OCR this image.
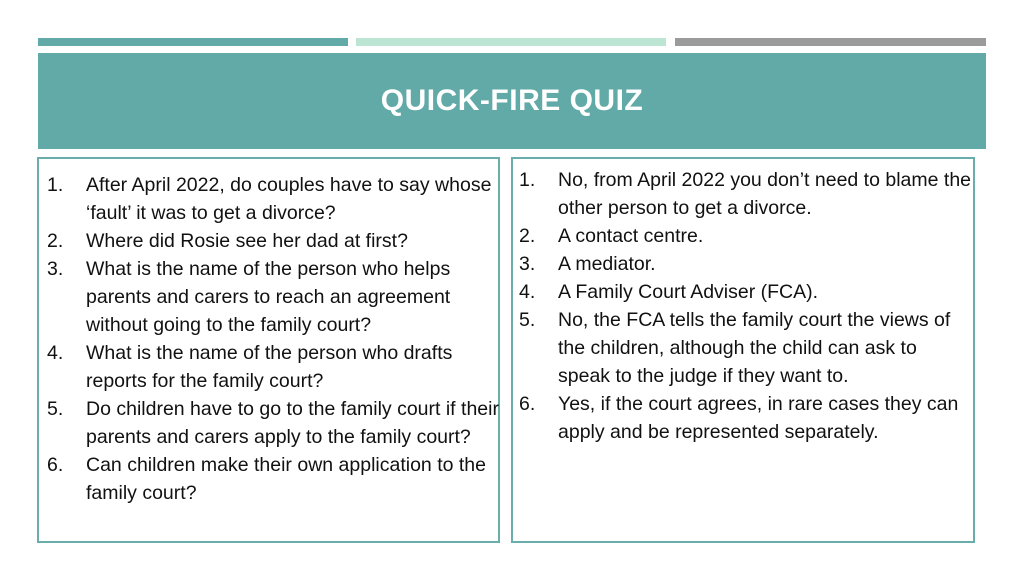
QUICK-FIRE QUIZ
1.	After April 2022, do couples have to say whose ‘fault’ it was to get a divorce?
2.	Where did Rosie see her dad at first?
3.	What is the name of the person who helps parents and carers to reach an agreement without going to the family court?
4.	What is the name of the person who drafts reports for the family court?
5.	Do children have to go to the family court if their parents and carers apply to the family court?
6.	Can children make their own application to the family court?
1.	No, from April 2022 you don’t need to blame the other person to get a divorce.
2.	A contact centre.
3.	A mediator.
4.	A Family Court Adviser (FCA).
5.	No, the FCA tells the family court the views of the children, although the child can ask to speak to the judge if they want to.
6.	Yes, if the court agrees, in rare cases they can apply and be represented separately.
